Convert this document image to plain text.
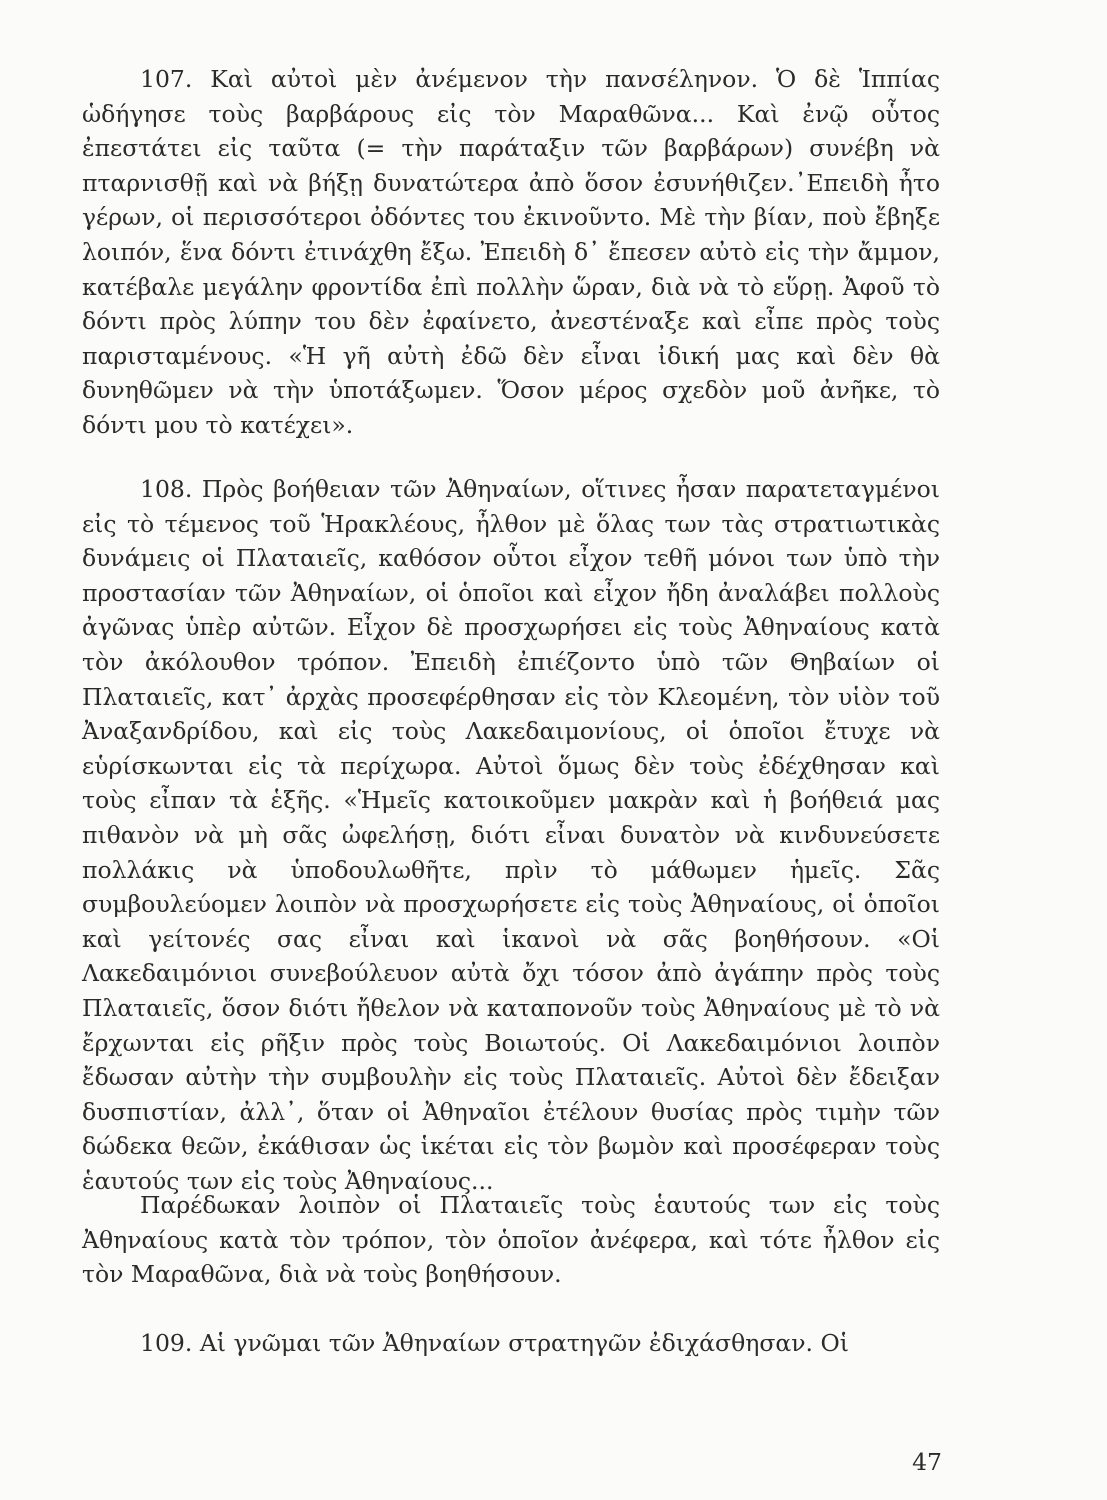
107. Καὶ αὐτοὶ μὲν ἀνέμενον τὴν πανσέληνον. Ὁ δὲ Ἱππίας ὡδήγησε τοὺς βαρβάρους εἰς τὸν Μαραθῶνα... Καὶ ἐνῷ οὗτος ἐπεστάτει εἰς ταῦτα (= τὴν παράταξιν τῶν βαρβάρων) συνέβη νὰ πταρνισθῇ καὶ νὰ βήξῃ δυνατώτερα ἀπὸ ὅσον ἐσυνήθιζεν.᾿Επειδὴ ἦτο γέρων, οἱ περισσότεροι ὀδόντες του ἐκινοῦντο. Μὲ τὴν βίαν, ποὺ ἔβηξε λοιπόν, ἕνα δόντι ἐτινάχθη ἔξω. Ἐπειδὴ δ᾿ ἔπεσεν αὐτὸ εἰς τὴν ἄμμον, κατέβαλε μεγάλην φροντίδα ἐπὶ πολλὴν ὥραν, διὰ νὰ τὸ εὕρῃ. Ἀφοῦ τὸ δόντι πρὸς λύπην του δὲν ἐφαίνετο, ἀνεστέναξε καὶ εἶπε πρὸς τοὺς παρισταμένους. «Ἡ γῆ αὐτὴ ἐδῶ δὲν εἶναι ἰδική μας καὶ δὲν θὰ δυνηθῶμεν νὰ τὴν ὑποτάξωμεν. Ὅσον μέρος σχεδὸν μοῦ ἀνῆκε, τὸ δόντι μου τὸ κατέχει».

108. Πρὸς βοήθειαν τῶν Ἀθηναίων, οἵτινες ἦσαν παρατεταγμένοι εἰς τὸ τέμενος τοῦ Ἡρακλέους, ἦλθον μὲ ὅλας των τὰς στρατιωτικὰς δυνάμεις οἱ Πλαταιεῖς, καθόσον οὗτοι εἶχον τεθῆ μόνοι των ὑπὸ τὴν προστασίαν τῶν Ἀθηναίων, οἱ ὁποῖοι καὶ εἶχον ἤδη ἀναλάβει πολλοὺς ἀγῶνας ὑπὲρ αὐτῶν. Εἶχον δὲ προσχωρήσει εἰς τοὺς Ἀθηναίους κατὰ τὸν ἀκόλουθον τρόπον. Ἐπειδὴ ἐπιέζοντο ὑπὸ τῶν Θηβαίων οἱ Πλαταιεῖς, κατ᾿ ἀρχὰς προσεφέρθησαν εἰς τὸν Κλεομένη, τὸν υἱὸν τοῦ Ἀναξανδρίδου, καὶ εἰς τοὺς Λακεδαιμονίους, οἱ ὁποῖοι ἔτυχε νὰ εὑρίσκωνται εἰς τὰ περίχωρα. Αὐτοὶ ὅμως δὲν τοὺς ἐδέχθησαν καὶ τοὺς εἶπαν τὰ ἑξῆς. «Ἡμεῖς κατοικοῦμεν μακρὰν καὶ ἡ βοήθειά μας πιθανὸν νὰ μὴ σᾶς ὠφελήσῃ, διότι εἶναι δυνατὸν νὰ κινδυνεύσετε πολλάκις νὰ ὑποδουλωθῆτε, πρὶν τὸ μάθωμεν ἡμεῖς. Σᾶς συμβουλεύομεν λοιπὸν νὰ προσχωρήσετε εἰς τοὺς Ἀθηναίους, οἱ ὁποῖοι καὶ γείτονές σας εἶναι καὶ ἱκανοὶ νὰ σᾶς βοηθήσουν. «Οἱ Λακεδαιμόνιοι συνεβούλευον αὐτὰ ὄχι τόσον ἀπὸ ἀγάπην πρὸς τοὺς Πλαταιεῖς, ὅσον διότι ἤθελον νὰ καταπονοῦν τοὺς Ἀθηναίους μὲ τὸ νὰ ἔρχωνται εἰς ρῆξιν πρὸς τοὺς Βοιωτούς. Οἱ Λακεδαιμόνιοι λοιπὸν ἔδωσαν αὐτὴν τὴν συμβουλὴν εἰς τοὺς Πλαταιεῖς. Αὐτοὶ δὲν ἔδειξαν δυσπιστίαν, ἀλλ᾿, ὅταν οἱ Ἀθηναῖοι ἐτέλουν θυσίας πρὸς τιμὴν τῶν δώδεκα θεῶν, ἐκάθισαν ὡς ἱκέται εἰς τὸν βωμὸν καὶ προσέφεραν τοὺς ἑαυτούς των εἰς τοὺς Ἀθηναίους...

Παρέδωκαν λοιπὸν οἱ Πλαταιεῖς τοὺς ἑαυτούς των εἰς τοὺς Ἀθηναίους κατὰ τὸν τρόπον, τὸν ὁποῖον ἀνέφερα, καὶ τότε ἦλθον εἰς τὸν Μαραθῶνα, διὰ νὰ τοὺς βοηθήσουν.

109. Αἱ γνῶμαι τῶν Ἀθηναίων στρατηγῶν ἐδιχάσθησαν. Οἱ

47
